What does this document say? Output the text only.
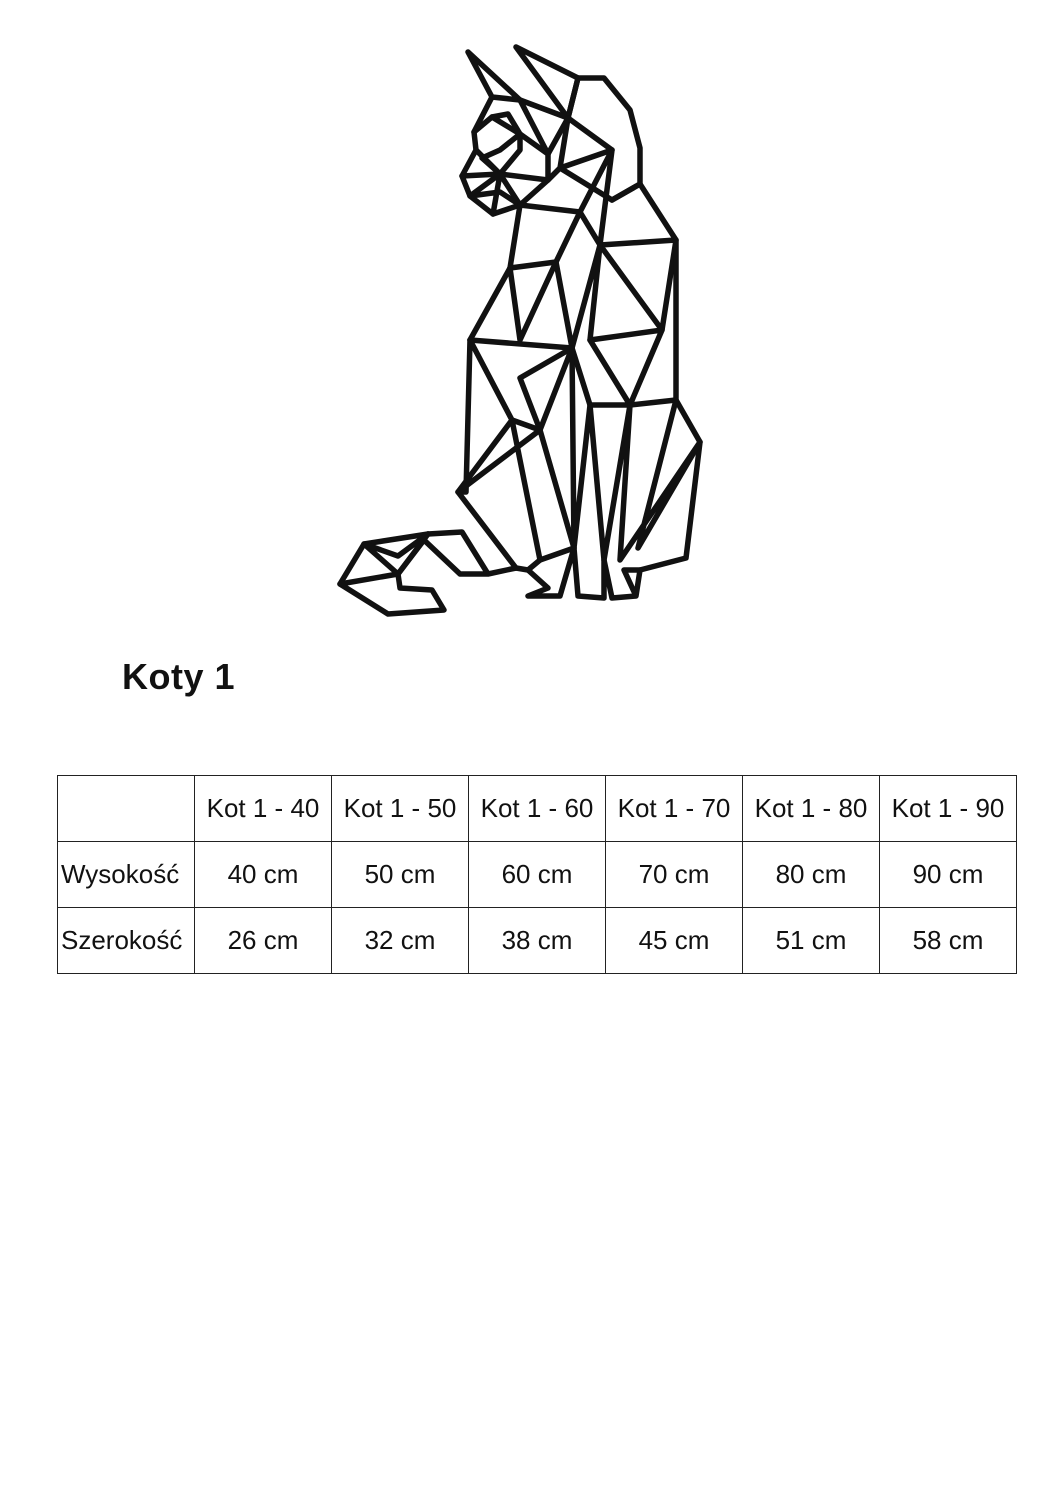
Koty 1
	Kot 1 - 40	Kot 1 - 50	Kot 1 - 60	Kot 1 - 70	Kot 1 - 80	Kot 1 - 90
Wysokość	40 cm	50 cm	60 cm	70 cm	80 cm	90 cm
Szerokość	26 cm	32 cm	38 cm	45 cm	51 cm	58 cm
